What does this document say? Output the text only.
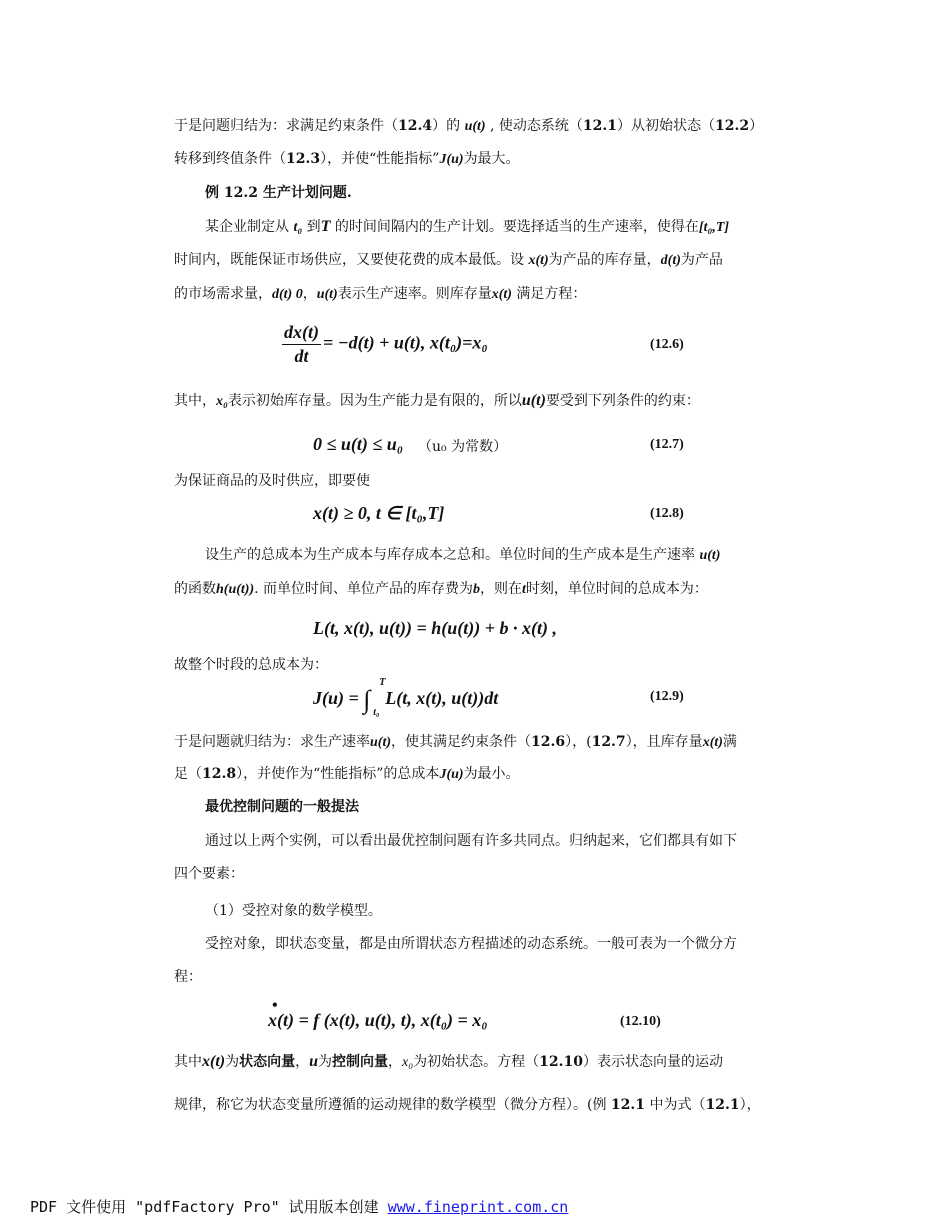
于是问题归结为：求满足约束条件（12.4）的 u(t) , 使动态系统（12.1）从初始状态（12.2）
转移到终值条件（12.3），并使“性能指标”J(u)为最大。
例 12.2 生产计划问题.
某企业制定从 t₀ 到T 的时间间隔内的生产计划。要选择适当的生产速率，使得在[t₀,T]
时间内，既能保证市场供应，又要使花费的成本最低。设 x(t)为产品的库存量，d(t)为产品
的市场需求量，d(t) 0，u(t)表示生产速率。则库存量x(t) 满足方程：
$\frac{dx(t)}{dt} = -d(t) + u(t)$, x(t₀)=x₀	(12.6)
其中，x₀表示初始库存量。因为生产能力是有限的，所以u(t)要受到下列条件的约束：
0 ≤ u(t) ≤ u₀ （u₀ 为常数）	(12.7)
为保证商品的及时供应，即要使
x(t) ≥ 0, t ∈ [t₀,T]	(12.8)
设生产的总成本为生产成本与库存成本之总和。单位时间的生产成本是生产速率 u(t)
的函数h(u(t)). 而单位时间、单位产品的库存费为b，则在t时刻，单位时间的总成本为：
L(t, x(t), u(t)) = h(u(t)) + b · x(t) ,
故整个时段的总成本为：
J(u) = ∫
T
t₀
L(t, x(t), u(t))dt	(12.9)
于是问题就归结为：求生产速率u(t)，使其满足约束条件（12.6），(12.7），且库存量x(t)满
足（12.8），并使作为“性能指标”的总成本J(u)为最小。
最优控制问题的一般提法
通过以上两个实例，可以看出最优控制问题有许多共同点。归纳起来，它们都具有如下
四个要素：
（1）受控对象的数学模型。
受控对象，即状态变量，都是由所谓状态方程描述的动态系统。一般可表为一个微分方
程：
•
x(t) = f (x(t), u(t), t), x(t₀) = x₀	(12.10)
其中x(t)为状态向量，u为控制向量，x₀为初始状态。方程（12.10）表示状态向量的运动
规律，称它为状态变量所遵循的运动规律的数学模型（微分方程）。(例 12.1 中为式（12.1），
PDF 文件使用 "pdfFactory Pro" 试用版本创建 www.fineprint.com.cn
